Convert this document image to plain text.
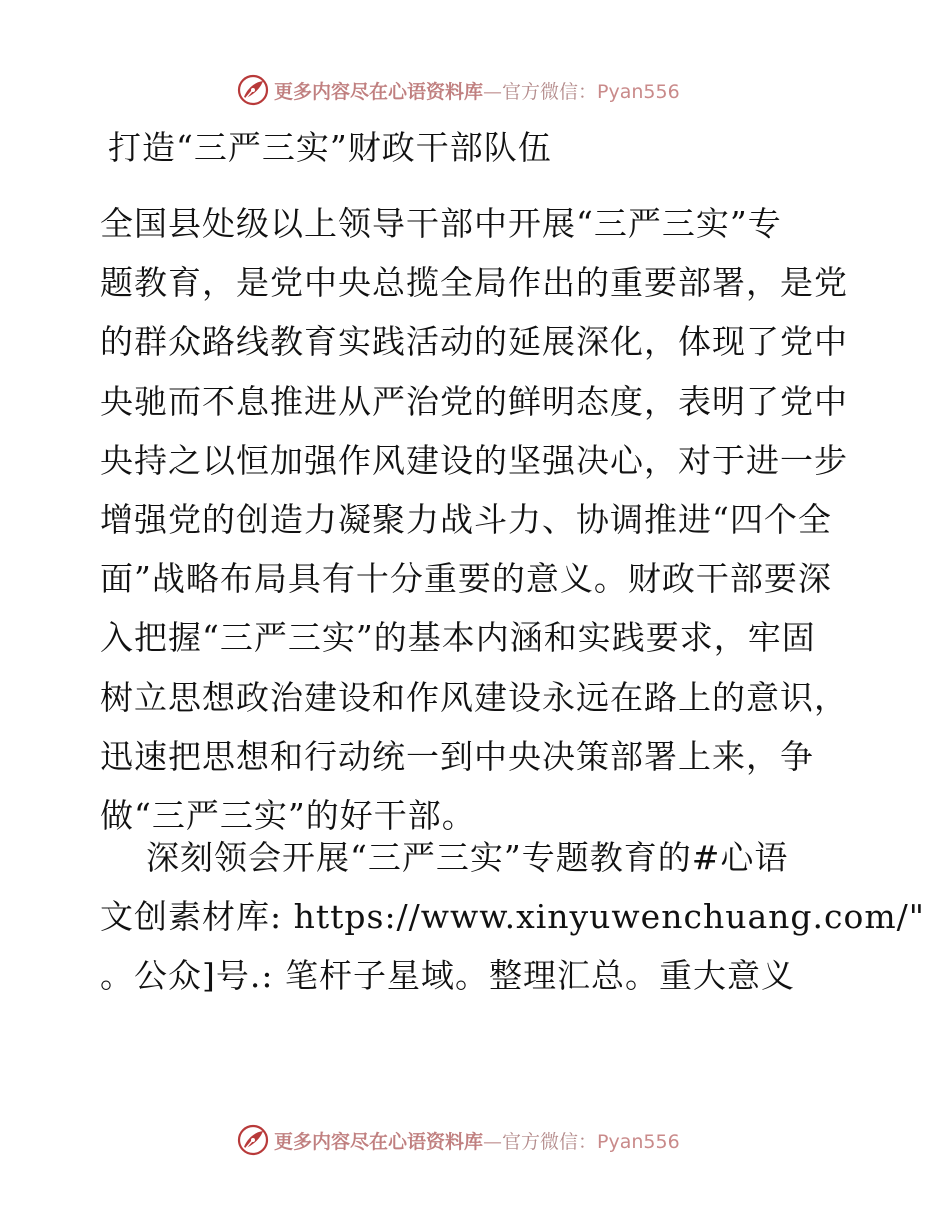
更多内容尽在心语资料库—官方微信：Pyan556
打造“三严三实”财政干部队伍
全国县处级以上领导干部中开展“三严三实”专
题教育，是党中央总揽全局作出的重要部署，是党
的群众路线教育实践活动的延展深化，体现了党中
央驰而不息推进从严治党的鲜明态度，表明了党中
央持之以恒加强作风建设的坚强决心，对于进一步
增强党的创造力凝聚力战斗力、协调推进“四个全
面”战略布局具有十分重要的意义。财政干部要深
入把握“三严三实”的基本内涵和实践要求，牢固
树立思想政治建设和作风建设永远在路上的意识，
迅速把思想和行动统一到中央决策部署上来，争
做“三严三实”的好干部。
深刻领会开展“三严三实”专题教育的#心语
文创素材库: https://www.xinyuwenchuang.com/"
。公众]号.: 笔杆子星域。整理汇总。重大意义
更多内容尽在心语资料库—官方微信：Pyan556
